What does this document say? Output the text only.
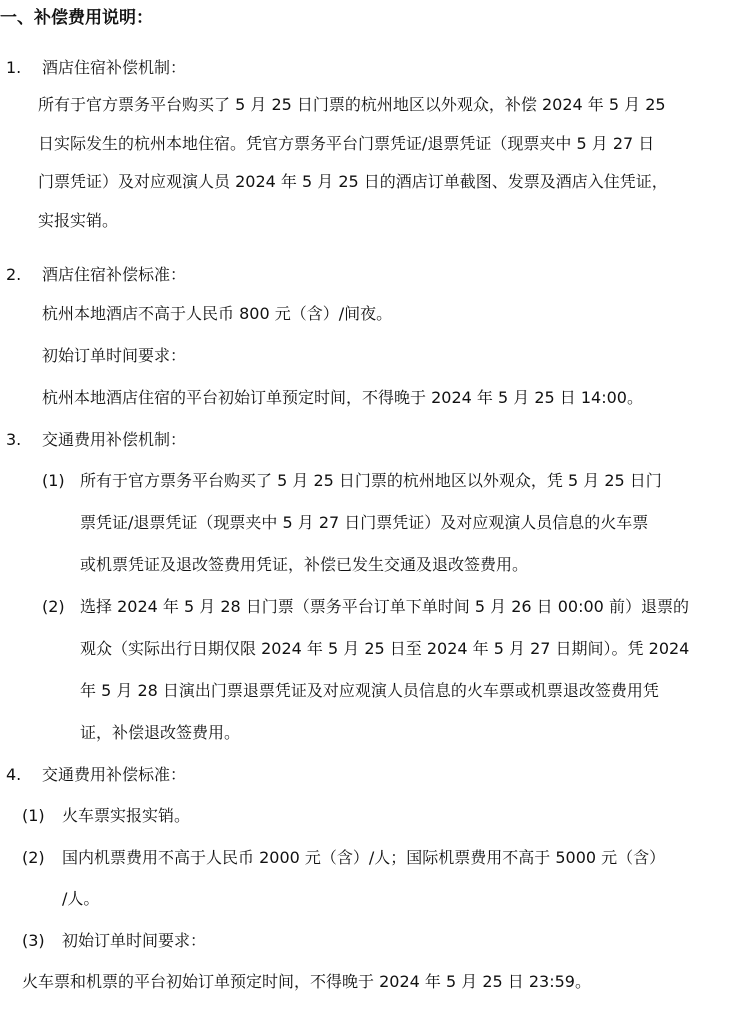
一、补偿费用说明：
1. 酒店住宿补偿机制：
所有于官方票务平台购买了 5 月 25 日门票的杭州地区以外观众，补偿 2024 年 5 月 25
日实际发生的杭州本地住宿。凭官方票务平台门票凭证/退票凭证（现票夹中 5 月 27 日
门票凭证）及对应观演人员 2024 年 5 月 25 日的酒店订单截图、发票及酒店入住凭证，
实报实销。
2. 酒店住宿补偿标准：
杭州本地酒店不高于人民币 800 元（含）/间夜。
初始订单时间要求：
杭州本地酒店住宿的平台初始订单预定时间，不得晚于 2024 年 5 月 25 日 14:00。
3. 交通费用补偿机制：
(1) 所有于官方票务平台购买了 5 月 25 日门票的杭州地区以外观众，凭 5 月 25 日门
票凭证/退票凭证（现票夹中 5 月 27 日门票凭证）及对应观演人员信息的火车票
或机票凭证及退改签费用凭证，补偿已发生交通及退改签费用。
(2) 选择 2024 年 5 月 28 日门票（票务平台订单下单时间 5 月 26 日 00:00 前）退票的
观众（实际出行日期仅限 2024 年 5 月 25 日至 2024 年 5 月 27 日期间）。凭 2024
年 5 月 28 日演出门票退票凭证及对应观演人员信息的火车票或机票退改签费用凭
证，补偿退改签费用。
4. 交通费用补偿标准：
(1) 火车票实报实销。
(2) 国内机票费用不高于人民币 2000 元（含）/人；国际机票费用不高于 5000 元（含）
/人。
(3) 初始订单时间要求：
火车票和机票的平台初始订单预定时间，不得晚于 2024 年 5 月 25 日 23:59。
